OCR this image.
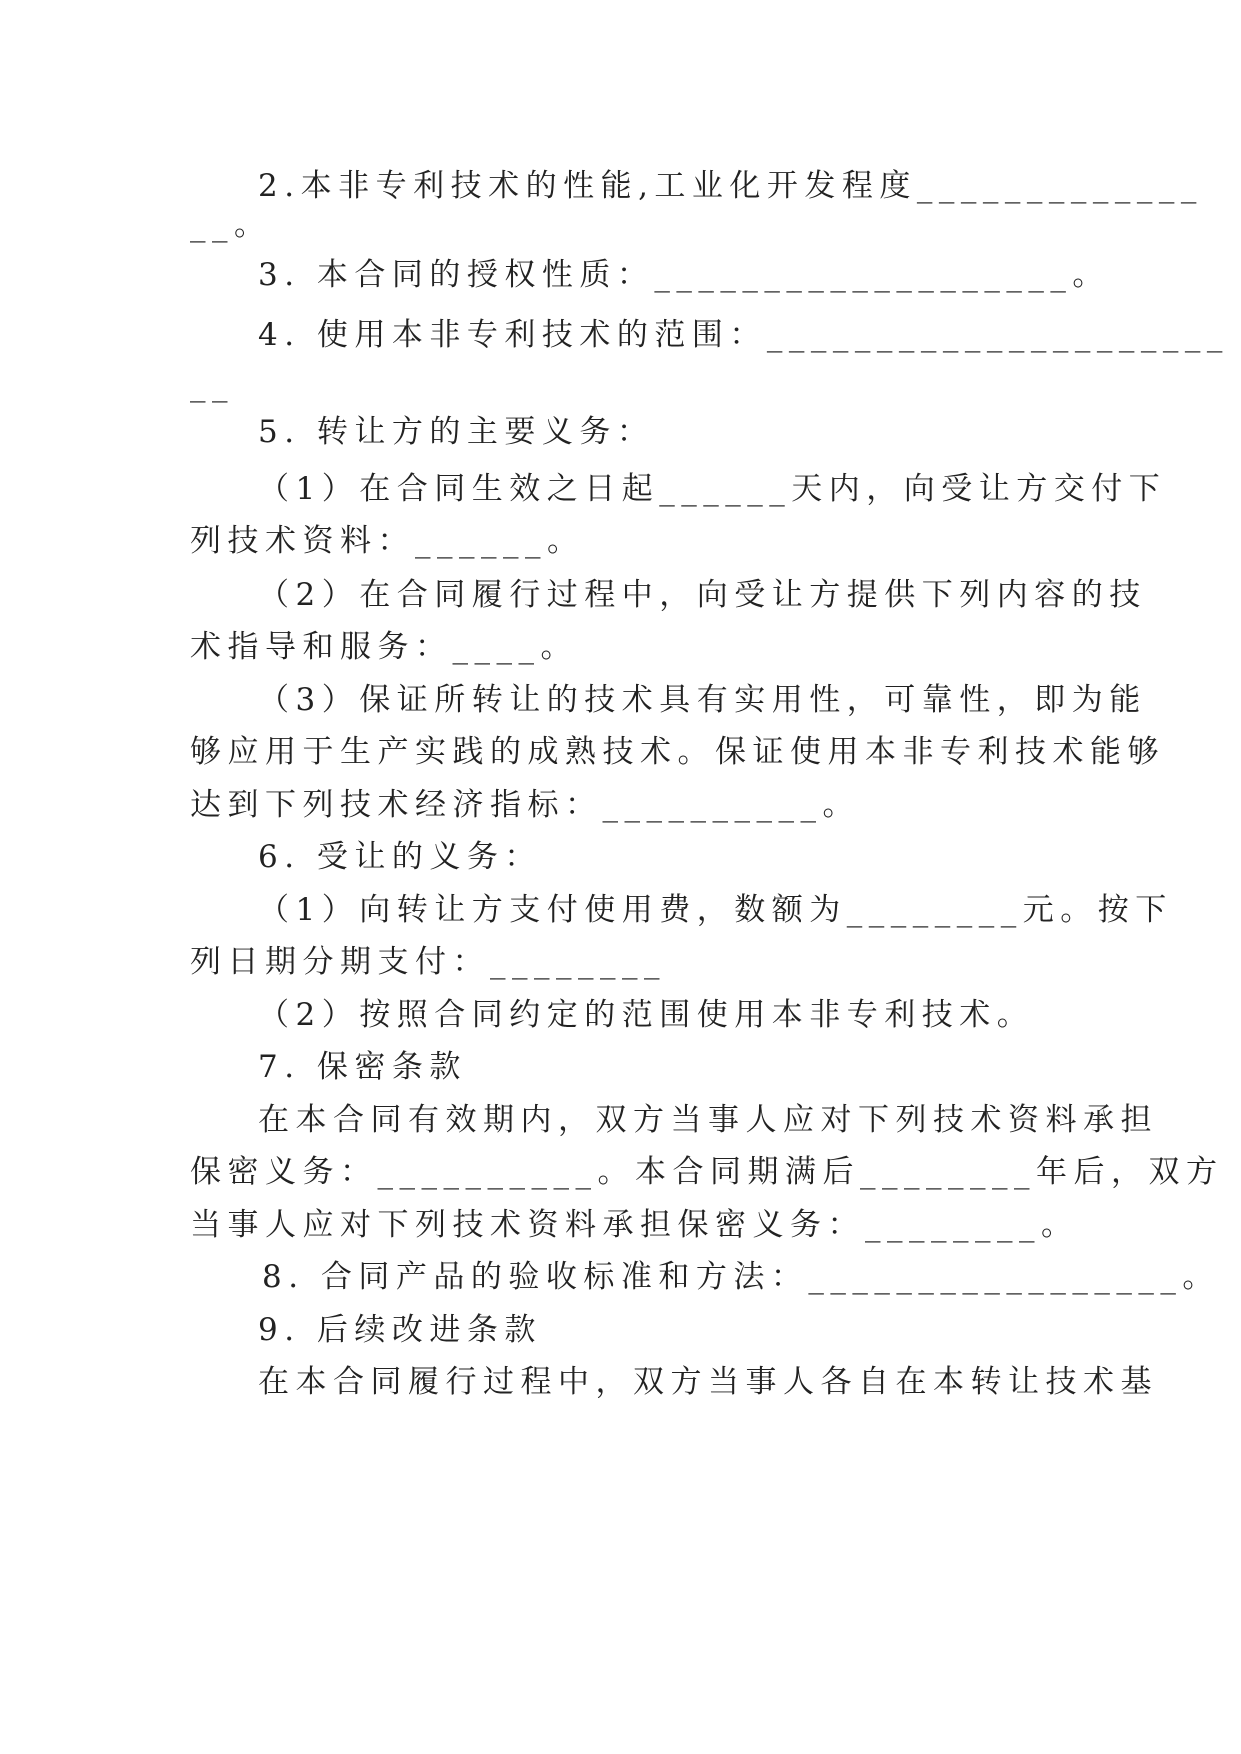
2.本非专利技术的性能,工业化开发程度_____________
__。
3. 本合同的授权性质：___________________。
4. 使用本非专利技术的范围：_____________________
__
5. 转让方的主要义务：
（1）在合同生效之日起______天内，向受让方交付下
列技术资料：______。
（2）在合同履行过程中，向受让方提供下列内容的技
术指导和服务：____。
（3）保证所转让的技术具有实用性，可靠性，即为能
够应用于生产实践的成熟技术。保证使用本非专利技术能够
达到下列技术经济指标：__________。
6. 受让的义务：
（1）向转让方支付使用费，数额为________元。按下
列日期分期支付：________
（2）按照合同约定的范围使用本非专利技术。
7. 保密条款
在本合同有效期内，双方当事人应对下列技术资料承担
保密义务：__________。本合同期满后________年后，双方
当事人应对下列技术资料承担保密义务：________。
8. 合同产品的验收标准和方法：_________________。
9. 后续改进条款
在本合同履行过程中，双方当事人各自在本转让技术基
